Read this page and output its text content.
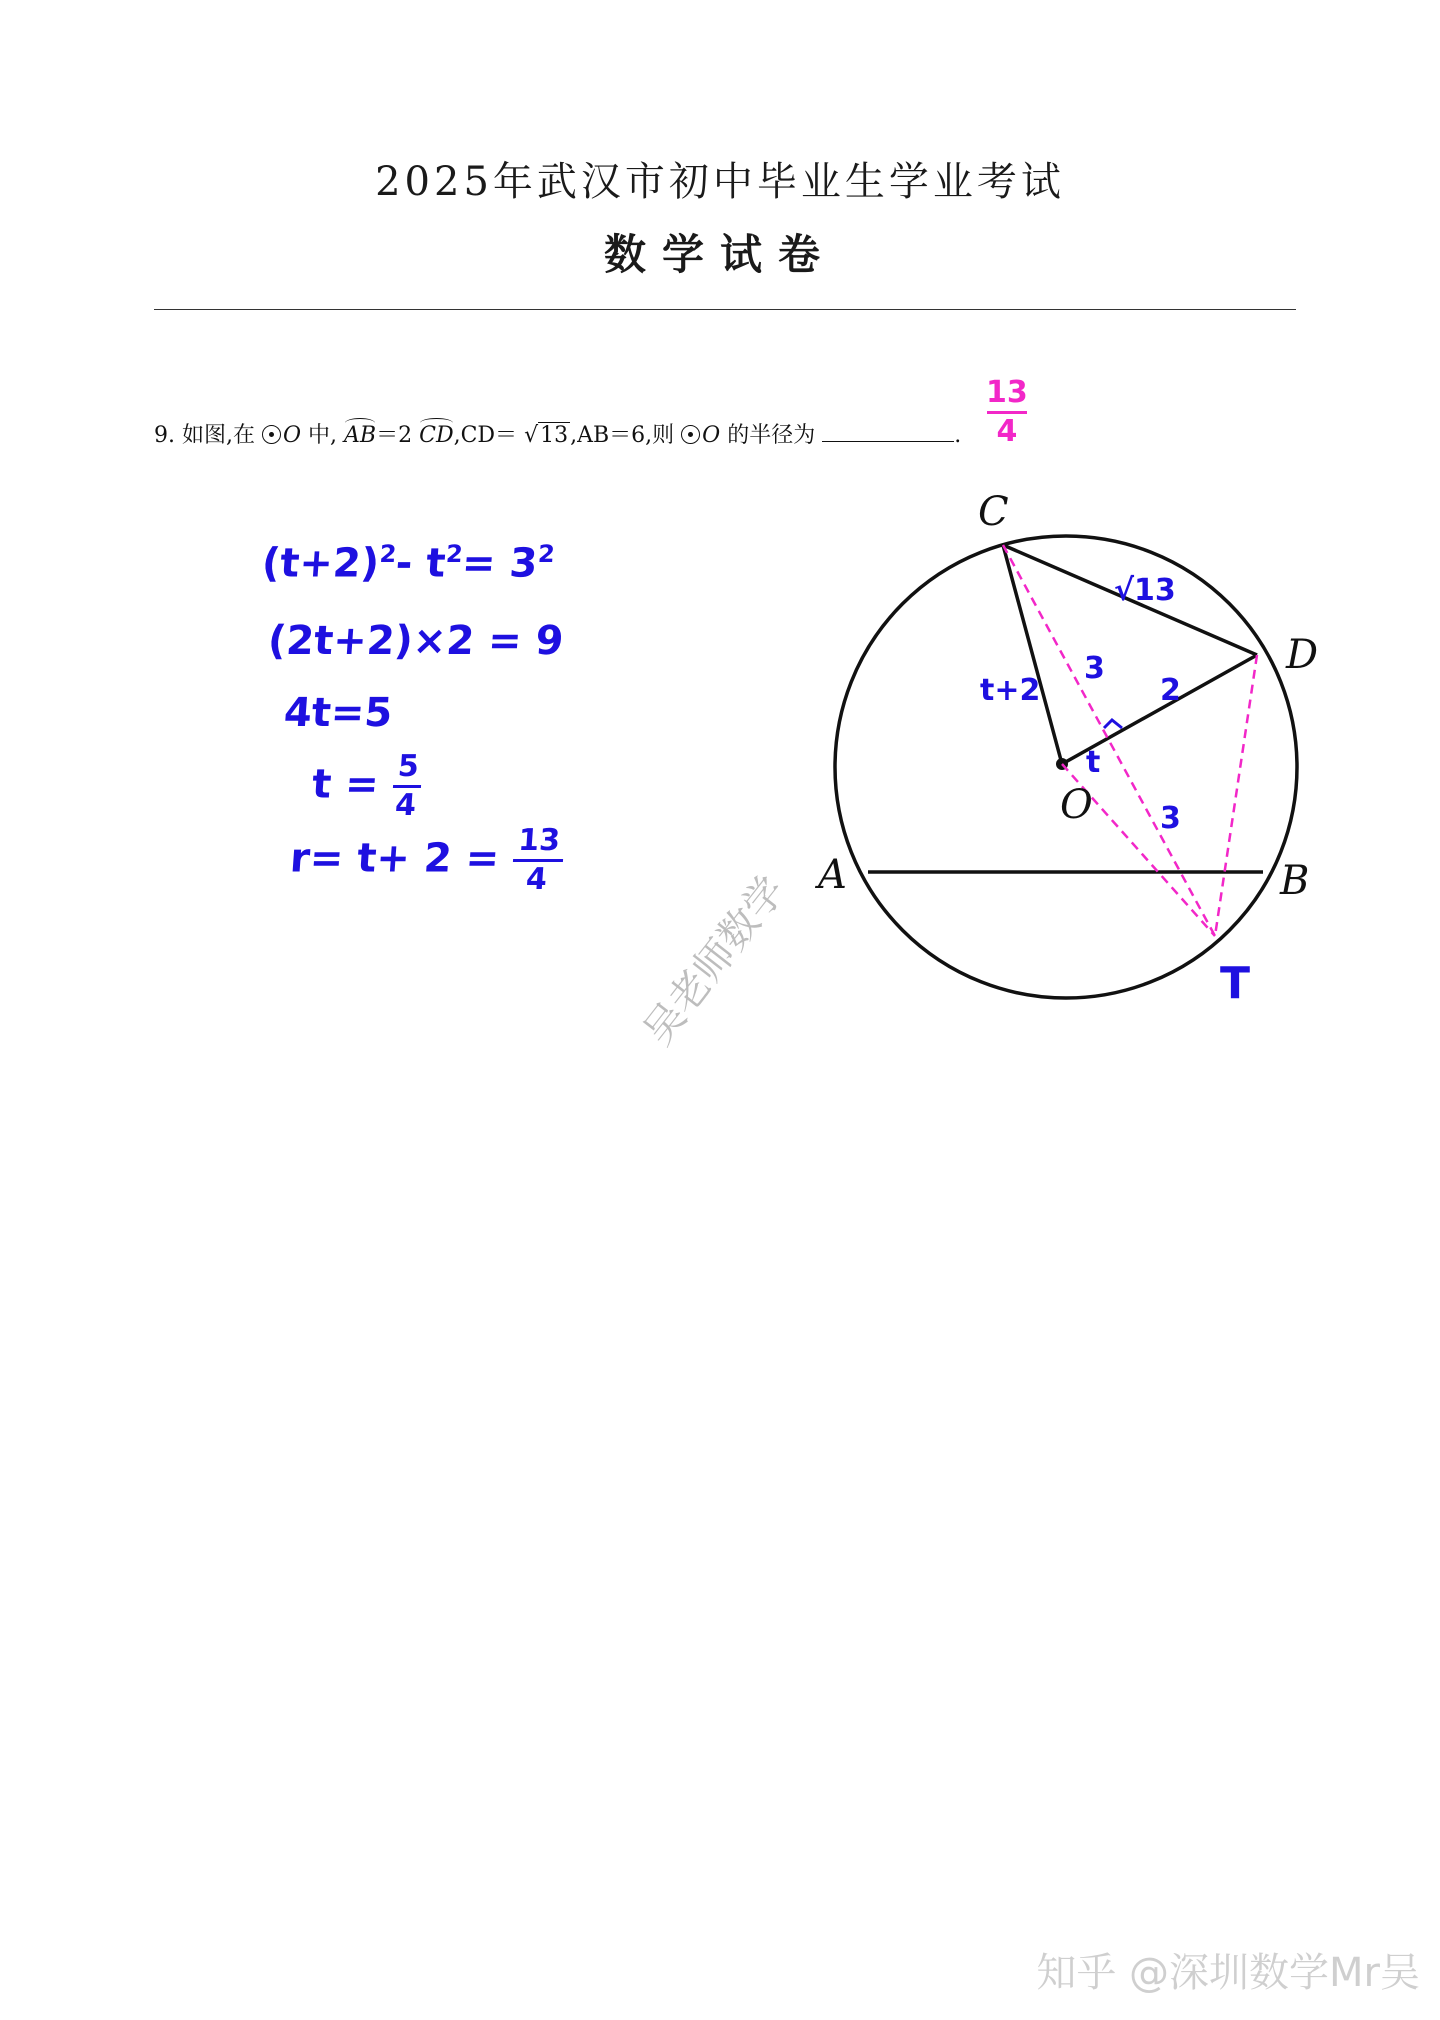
2025年武汉市初中毕业生学业考试
数学试卷
9. 如图,在 O 中, AB＝2 CD,CD＝ √13,AB＝6,则 O 的半径为	.
13
4
$(t+2)^2-$ $t^2= 3^2$
(2t+2)×2 = 9
4t=5
$t = \frac{5}{4}$
$r= t+ 2 = \frac{13}{4}$
C
D
A	B
O
T
√13
t+2
3
2
t
3
吴老师数学
知乎 @深圳数学Mr吴
